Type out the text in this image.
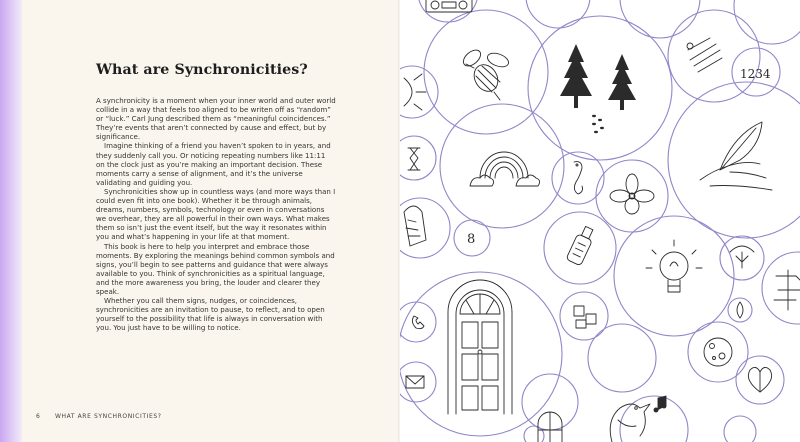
What are Synchronicities?

A synchronicity is a moment when your inner world and outer world collide in a way that feels too aligned to be writen off as “random” or “luck.” Carl Jung described them as “meaningful coincidences.” They’re events that aren’t connected by cause and effect, but by significance.

Imagine thinking of a friend you haven’t spoken to in years, and they suddenly call you. Or noticing repeating numbers like 11:11 on the clock just as you’re making an important decision. These moments carry a sense of alignment, and it’s the universe validating and guiding you.

Synchronicities show up in countless ways (and more ways than I could even fit into one book). Whether it be through animals, dreams, numbers, symbols, technology or even in conversations we overhear, they are all powerful in their own ways. What makes them so isn’t just the event itself, but the way it resonates within you and what’s happening in your life at that moment.

This book is here to help you interpret and embrace those moments. By exploring the meanings behind common symbols and signs, you’ll begin to see patterns and guidance that were always available to you. Think of synchronicities as a spiritual language, and the more awareness you bring, the louder and clearer they speak.

Whether you call them signs, nudges, or coincidences, synchronicities are an invitation to pause, to reflect, and to open yourself to the possibility that life is always in conversation with you. You just have to be willing to notice.

6 WHAT ARE SYNCHRONICITIES?
1234
8
